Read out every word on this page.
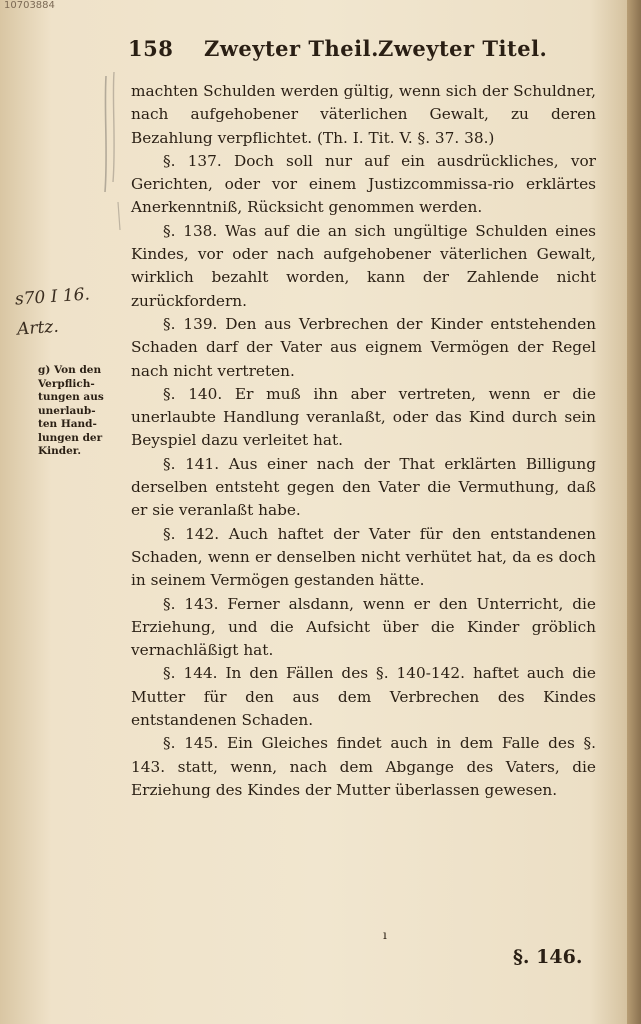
10703884
158 Zweyter Theil. Zweyter Titel.
s70 I 16.
Artz.
g) Von den
Verpflich-
tungen aus
unerlaub-
ten Hand-
lungen der
Kinder.

machten Schulden werden gültig, wenn sich der Schuldner, nach aufgehobener väterlichen Gewalt, zu deren Bezahlung verpflichtet. (Th. I. Tit. V. §. 37. 38.)

§. 137. Doch soll nur auf ein ausdrückliches, vor Gerichten, oder vor einem Justizcommissa-rio erklärtes Anerkenntniß, Rücksicht genommen werden.

§. 138. Was auf die an sich ungültige Schulden eines Kindes, vor oder nach aufgehobener väterlichen Gewalt, wirklich bezahlt worden, kann der Zahlende nicht zurückfordern.

§. 139. Den aus Verbrechen der Kinder entstehenden Schaden darf der Vater aus eignem Vermögen der Regel nach nicht vertreten.

§. 140. Er muß ihn aber vertreten, wenn er die unerlaubte Handlung veranlaßt, oder das Kind durch sein Beyspiel dazu verleitet hat.

§. 141. Aus einer nach der That erklärten Billigung derselben entsteht gegen den Vater die Vermuthung, daß er sie veranlaßt habe.

§. 142. Auch haftet der Vater für den entstandenen Schaden, wenn er denselben nicht verhütet hat, da es doch in seinem Vermögen gestanden hätte.

§. 143. Ferner alsdann, wenn er den Unterricht, die Erziehung, und die Aufsicht über die Kinder gröblich vernachläßigt hat.

§. 144. In den Fällen des §. 140-142. haftet auch die Mutter für den aus dem Verbrechen des Kindes entstandenen Schaden.

§. 145. Ein Gleiches findet auch in dem Falle des §. 143. statt, wenn, nach dem Abgange des Vaters, die Erziehung des Kindes der Mutter überlassen gewesen.

ı
§. 146.
